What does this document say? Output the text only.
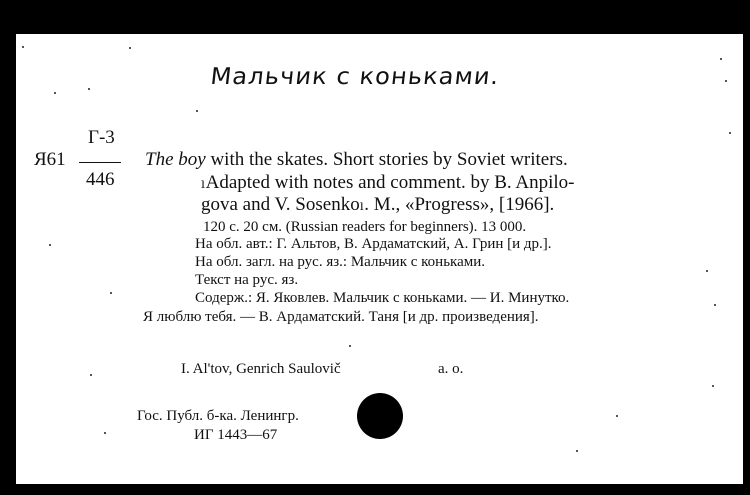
Мальчик с коньками.
Г-3
Я61
446
The boy with the skates. Short stories by Soviet writers.
ₗAdapted with notes and comment. by B. Anpilo-
gova and V. Sosenkoₗ. M., «Progress», [1966].
120 с. 20 см. (Russian readers for beginners). 13 000.
На обл. авт.: Г. Альтов, В. Ардаматский, А. Грин [и др.].
На обл. загл. на рус. яз.: Мальчик с коньками.
Текст на рус. яз.
Содерж.: Я. Яковлев. Мальчик с коньками. — И. Минутко.
Я люблю тебя. — В. Ардаматский. Таня [и др. произведения].
I. Al'tov, Genrich Saulovič	a. o.
Гос. Публ. б-ка. Ленингр.
ИГ 1443—67
